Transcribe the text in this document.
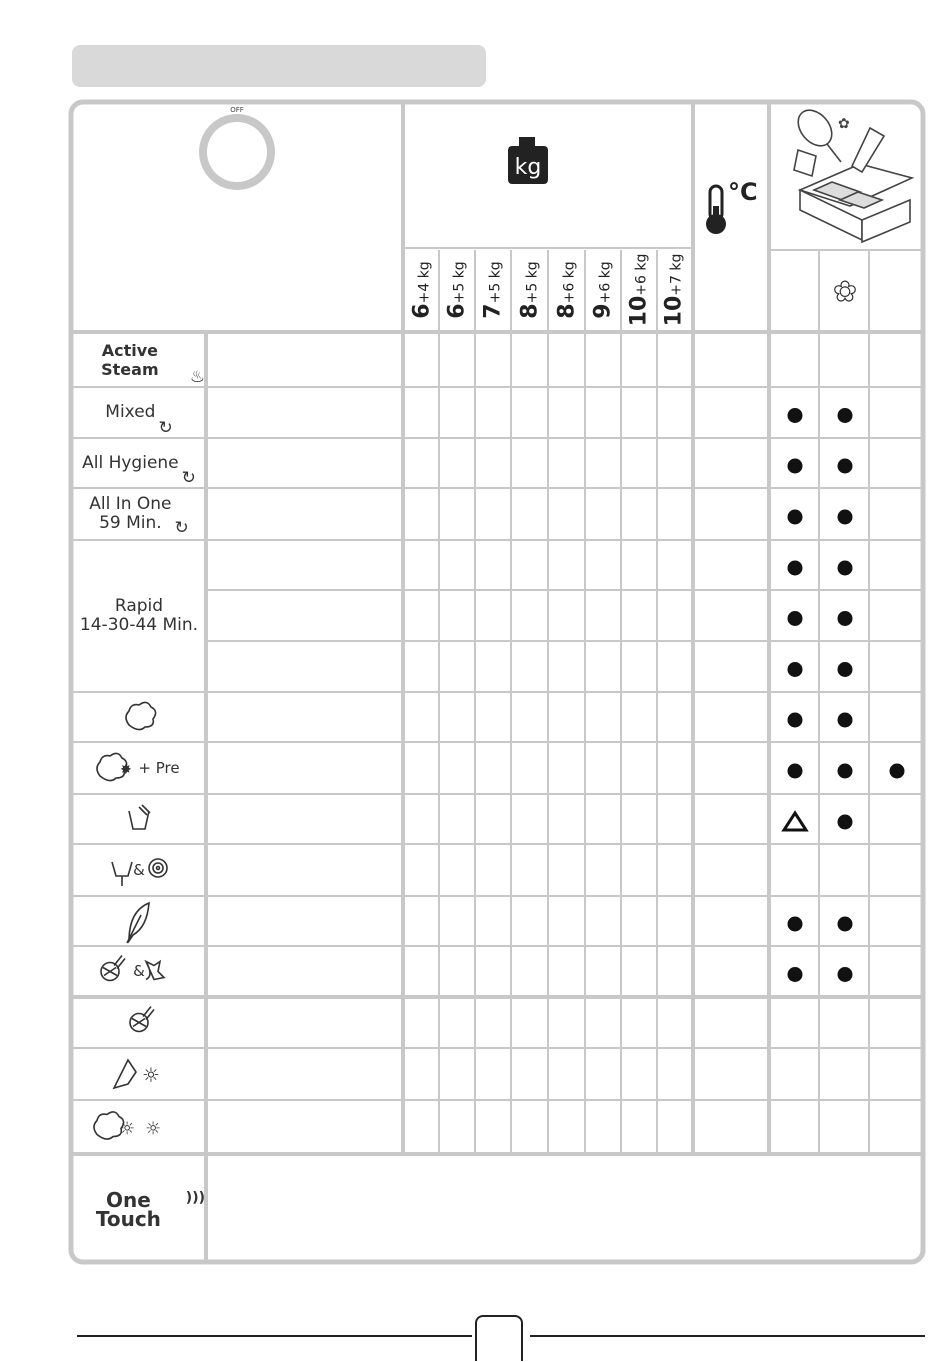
OFF
kg
✿
✿
✸
☼
☼ ☼
6+4 kg
6+5 kg
7+5 kg
8+5 kg
8+6 kg
9+6 kg
10+6 kg
10+7 kg
°C
Active Steam	♨
Mixed
↻
All Hygiene
↻
All In One
59 Min. ↻
Rapid
14-30-44 Min.
+ Pre
&
&
One Touch
)))
